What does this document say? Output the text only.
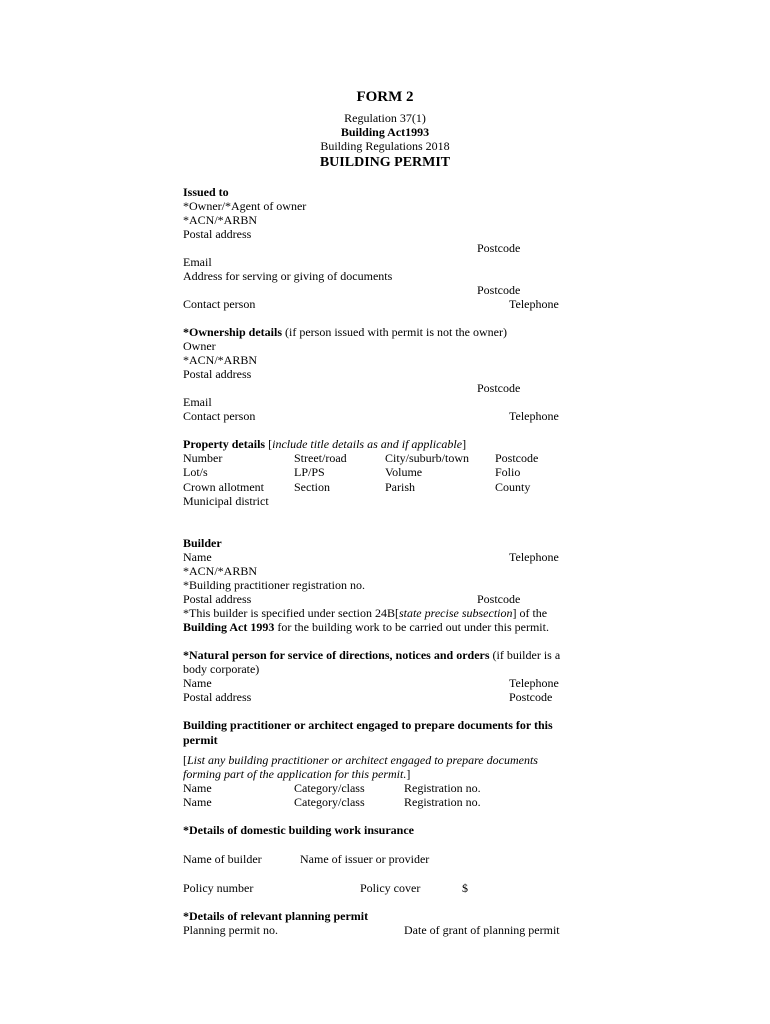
FORM 2
Regulation 37(1)
Building Act1993
Building Regulations 2018
BUILDING PERMIT
Issued to
*Owner/*Agent of owner
*ACN/*ARBN
Postal address
Postcode
Email
Address for serving or giving of documents
Postcode
Contact person	Telephone
*Ownership details (if person issued with permit is not the owner)
Owner
*ACN/*ARBN
Postal address
Postcode
Email
Contact person	Telephone
Property details [include title details as and if applicable]
Number	Street/road	City/suburb/town Postcode
Lot/s	LP/PS	Volume	Folio
Crown allotment	Section	Parish	County
Municipal district
Builder
Name	Telephone
*ACN/*ARBN
*Building practitioner registration no.
Postal address	Postcode
*This builder is specified under section 24B[state precise subsection] of the
Building Act 1993 for the building work to be carried out under this permit.
*Natural person for service of directions, notices and orders (if builder is a
body corporate)
Name	Telephone
Postal address	Postcode
Building practitioner or architect engaged to prepare documents for this
permit
[List any building practitioner or architect engaged to prepare documents
forming part of the application for this permit.]
Name	Category/class	Registration no.
Name	Category/class	Registration no.
*Details of domestic building work insurance
Name of builder	Name of issuer or provider
Policy number	Policy cover	$
*Details of relevant planning permit
Planning permit no.	Date of grant of planning permit
